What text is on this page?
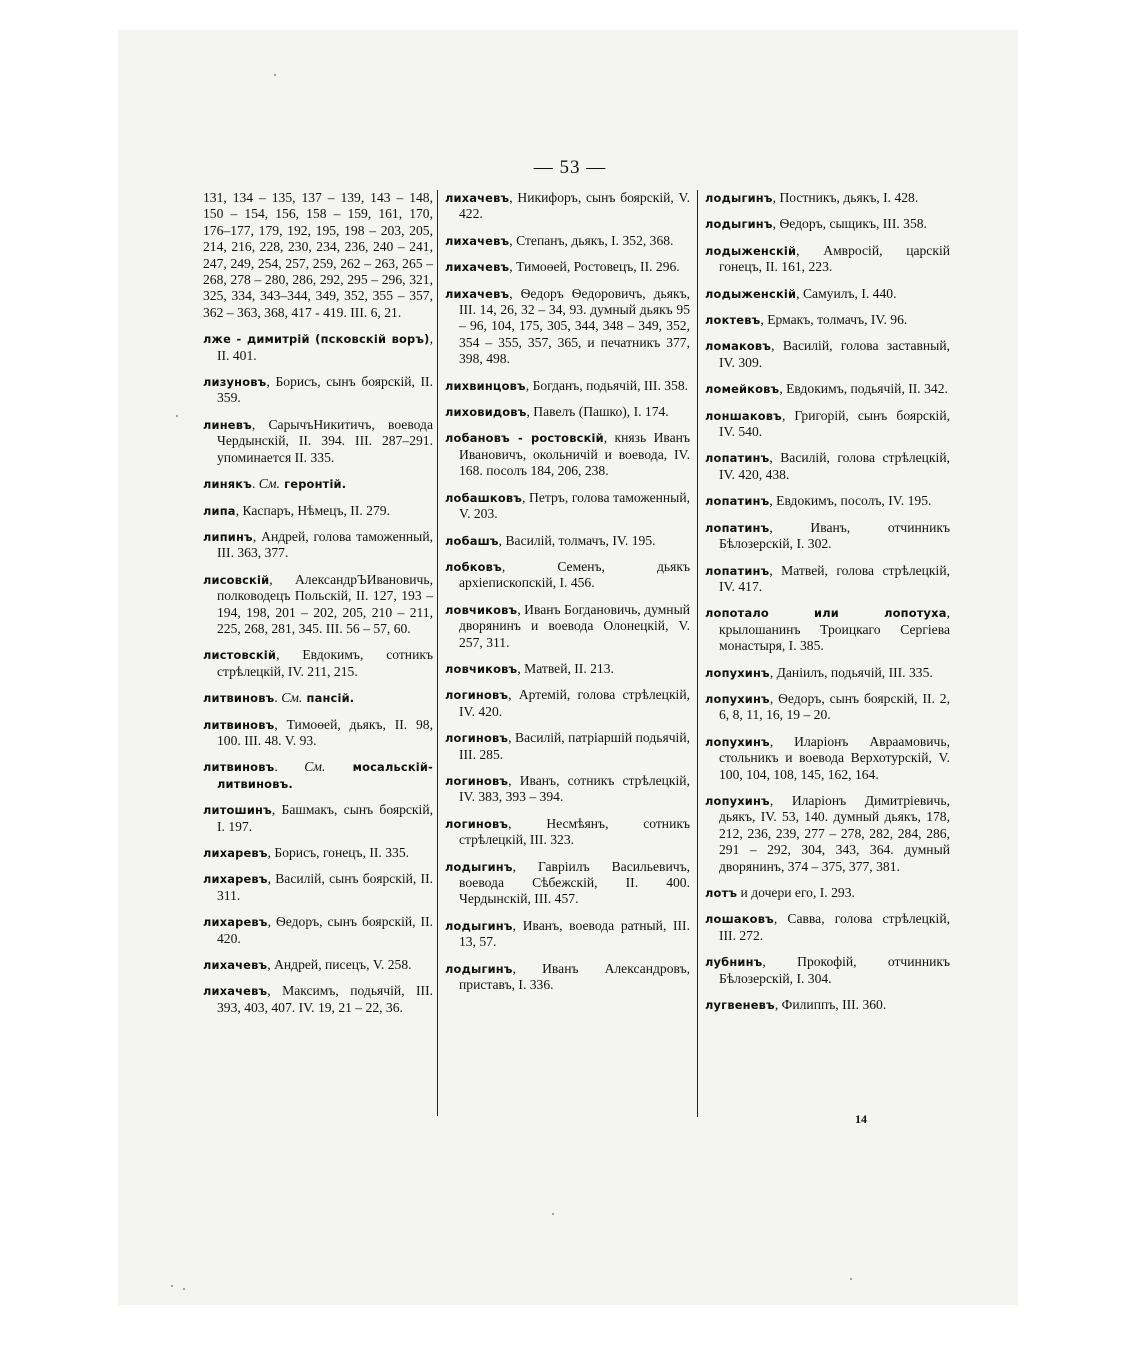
— 53 —

131, 134 – 135, 137 – 139, 143 – 148, 150 – 154, 156, 158 – 159, 161, 170, 176–177, 179, 192, 195, 198 – 203, 205, 214, 216, 228, 230, 234, 236, 240 – 241, 247, 249, 254, 257, 259, 262 – 263, 265 – 268, 278 – 280, 286, 292, 295 – 296, 321, 325, 334, 343–344, 349, 352, 355 – 357, 362 – 363, 368, 417 - 419. III. 6, 21.

лже - димитрій (псковскій воръ), II. 401.

лизуновъ, Борисъ, сынъ боярскій, II. 359.

линевъ, СарычъНикитичъ, воевода Чердынскій, II. 394. III. 287–291. упоминается II. 335.

линякъ. См. геронтій.

липа, Каспаръ, Нѣмецъ, II. 279.

липинъ, Андрей, голова таможенный, III. 363, 377.

лисовскій, АлександрЪИвановичь, полководецъ Польскій, II. 127, 193 – 194, 198, 201 – 202, 205, 210 – 211, 225, 268, 281, 345. III. 56 – 57, 60.

листовскій, Евдокимъ, сотникъ стрѣлецкій, IV. 211, 215.

литвиновъ. См. пансій.

литвиновъ, Тимоѳей, дьякъ, II. 98, 100. III. 48. V. 93.

литвиновъ. См. мосальскій-литвиновъ.

литошинъ, Башмакъ, сынъ боярскій, I. 197.

лихаревъ, Борисъ, гонецъ, II. 335.

лихаревъ, Василій, сынъ боярскій, II. 311.

лихаревъ, Ѳедоръ, сынъ боярскій, II. 420.

лихачевъ, Андрей, писецъ, V. 258.

лихачевъ, Максимъ, подьячій, III. 393, 403, 407. IV. 19, 21 – 22, 36.

лихачевъ, Никифоръ, сынъ боярскій, V. 422.

лихачевъ, Степанъ, дьякъ, I. 352, 368.

лихачевъ, Тимоѳей, Ростовецъ, II. 296.

лихачевъ, Ѳедоръ Ѳедоровичъ, дьякъ, III. 14, 26, 32 – 34, 93. думный дьякъ 95 – 96, 104, 175, 305, 344, 348 – 349, 352, 354 – 355, 357, 365, и печатникъ 377, 398, 498.

лихвинцовъ, Богданъ, подьячій, III. 358.

лиховидовъ, Павелъ (Пашко), I. 174.

лобановъ - ростовскій, князь Иванъ Ивановичъ, окольничій и воевода, IV. 168. посолъ 184, 206, 238.

лобашковъ, Петръ, голова таможенный, V. 203.

лобашъ, Василій, толмачъ, IV. 195.

лобковъ, Семенъ, дьякъ архіепископскій, I. 456.

ловчиковъ, Иванъ Богдановичь, думный дворянинъ и воевода Олонецкій, V. 257, 311.

ловчиковъ, Матвей, II. 213.

логиновъ, Артемій, голова стрѣлецкій, IV. 420.

логиновъ, Василій, патріаршій подьячій, III. 285.

логиновъ, Иванъ, сотникъ стрѣлецкій, IV. 383, 393 – 394.

логиновъ, Несмѣянъ, сотникъ стрѣлецкій, III. 323.

лодыгинъ, Гавріилъ Васильевичъ, воевода Сѣбежскій, II. 400. Чердынскій, III. 457.

лодыгинъ, Иванъ, воевода ратный, III. 13, 57.

лодыгинъ, Иванъ Александровъ, приставъ, I. 336.

лодыгинъ, Постникъ, дьякъ, I. 428.

лодыгинъ, Ѳедоръ, сыщикъ, III. 358.

лодыженскій, Амвросій, царскій гонецъ, II. 161, 223.

лодыженскій, Самуилъ, I. 440.

локтевъ, Ермакъ, толмачъ, IV. 96.

ломаковъ, Василій, голова заставный, IV. 309.

ломейковъ, Евдокимъ, подьячій, II. 342.

лоншаковъ, Григорій, сынъ боярскій, IV. 540.

лопатинъ, Василій, голова стрѣлецкій, IV. 420, 438.

лопатинъ, Евдокимъ, посолъ, IV. 195.

лопатинъ, Иванъ, отчинникъ Бѣлозерскій, I. 302.

лопатинъ, Матвей, голова стрѣлецкій, IV. 417.

лопотало или лопотуха, крылошанинъ Троицкаго Сергіева монастыря, I. 385.

лопухинъ, Даніилъ, подьячій, III. 335.

лопухинъ, Ѳедоръ, сынъ боярскій, II. 2, 6, 8, 11, 16, 19 – 20.

лопухинъ, Иларіонъ Авраамовичь, стольникъ и воевода Верхотурскій, V. 100, 104, 108, 145, 162, 164.

лопухинъ, Иларіонъ Димитріевичь, дьякъ, IV. 53, 140. думный дьякъ, 178, 212, 236, 239, 277 – 278, 282, 284, 286, 291 – 292, 304, 343, 364. думный дворянинъ, 374 – 375, 377, 381.

лотъ и дочери его, I. 293.

лошаковъ, Савва, голова стрѣлецкій, III. 272.

лубнинъ, Прокофій, отчинникъ Бѣлозерскій, I. 304.

лугвеневъ, Филиппъ, III. 360.

14
